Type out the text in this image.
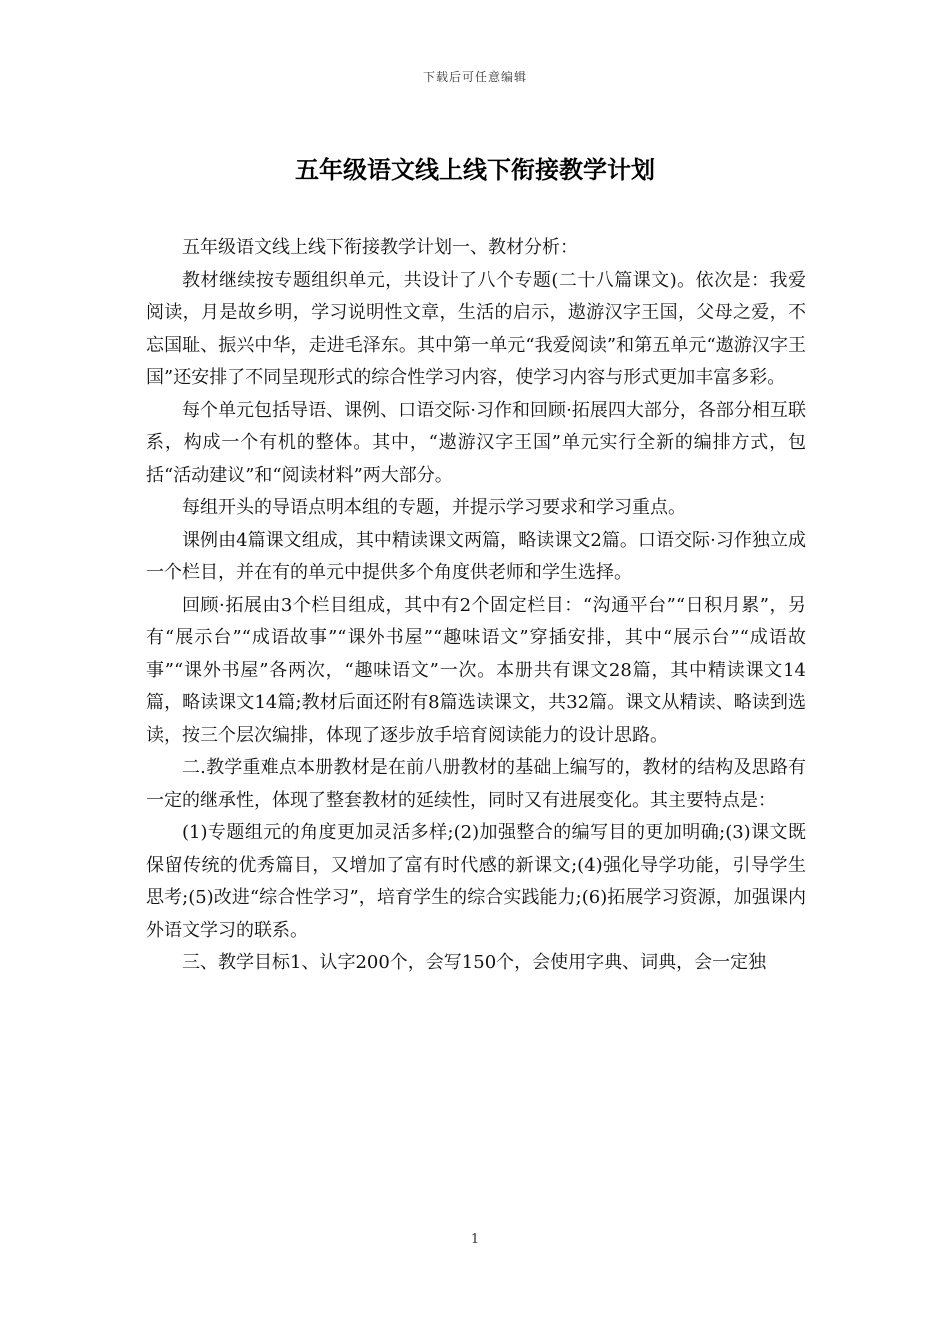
下载后可任意编辑
五年级语文线上线下衔接教学计划

五年级语文线上线下衔接教学计划一、教材分析：

教材继续按专题组织单元，共设计了八个专题(二十八篇课文)。依次是：我爱阅读，月是故乡明，学习说明性文章，生活的启示，遨游汉字王国，父母之爱，不忘国耻、振兴中华，走进毛泽东。其中第一单元“我爱阅读”和第五单元“遨游汉字王国”还安排了不同呈现形式的综合性学习内容，使学习内容与形式更加丰富多彩。

每个单元包括导语、课例、口语交际·习作和回顾·拓展四大部分，各部分相互联系，构成一个有机的整体。其中，“遨游汉字王国”单元实行全新的编排方式，包括“活动建议”和“阅读材料”两大部分。

每组开头的导语点明本组的专题，并提示学习要求和学习重点。

课例由4篇课文组成，其中精读课文两篇，略读课文2篇。口语交际·习作独立成一个栏目，并在有的单元中提供多个角度供老师和学生选择。

回顾·拓展由3个栏目组成，其中有2个固定栏目：“沟通平台”“日积月累”，另有“展示台”“成语故事”“课外书屋”“趣味语文”穿插安排，其中“展示台”“成语故事”“课外书屋”各两次，“趣味语文”一次。本册共有课文28篇，其中精读课文14篇，略读课文14篇;教材后面还附有8篇选读课文，共32篇。课文从精读、略读到选读，按三个层次编排，体现了逐步放手培育阅读能力的设计思路。

二.教学重难点本册教材是在前八册教材的基础上编写的，教材的结构及思路有一定的继承性，体现了整套教材的延续性，同时又有进展变化。其主要特点是：

(1)专题组元的角度更加灵活多样;(2)加强整合的编写目的更加明确;(3)课文既保留传统的优秀篇目，又增加了富有时代感的新课文;(4)强化导学功能，引导学生思考;(5)改进“综合性学习”，培育学生的综合实践能力;(6)拓展学习资源，加强课内外语文学习的联系。

三、教学目标1、认字200个，会写150个，会使用字典、词典，会一定独

1
